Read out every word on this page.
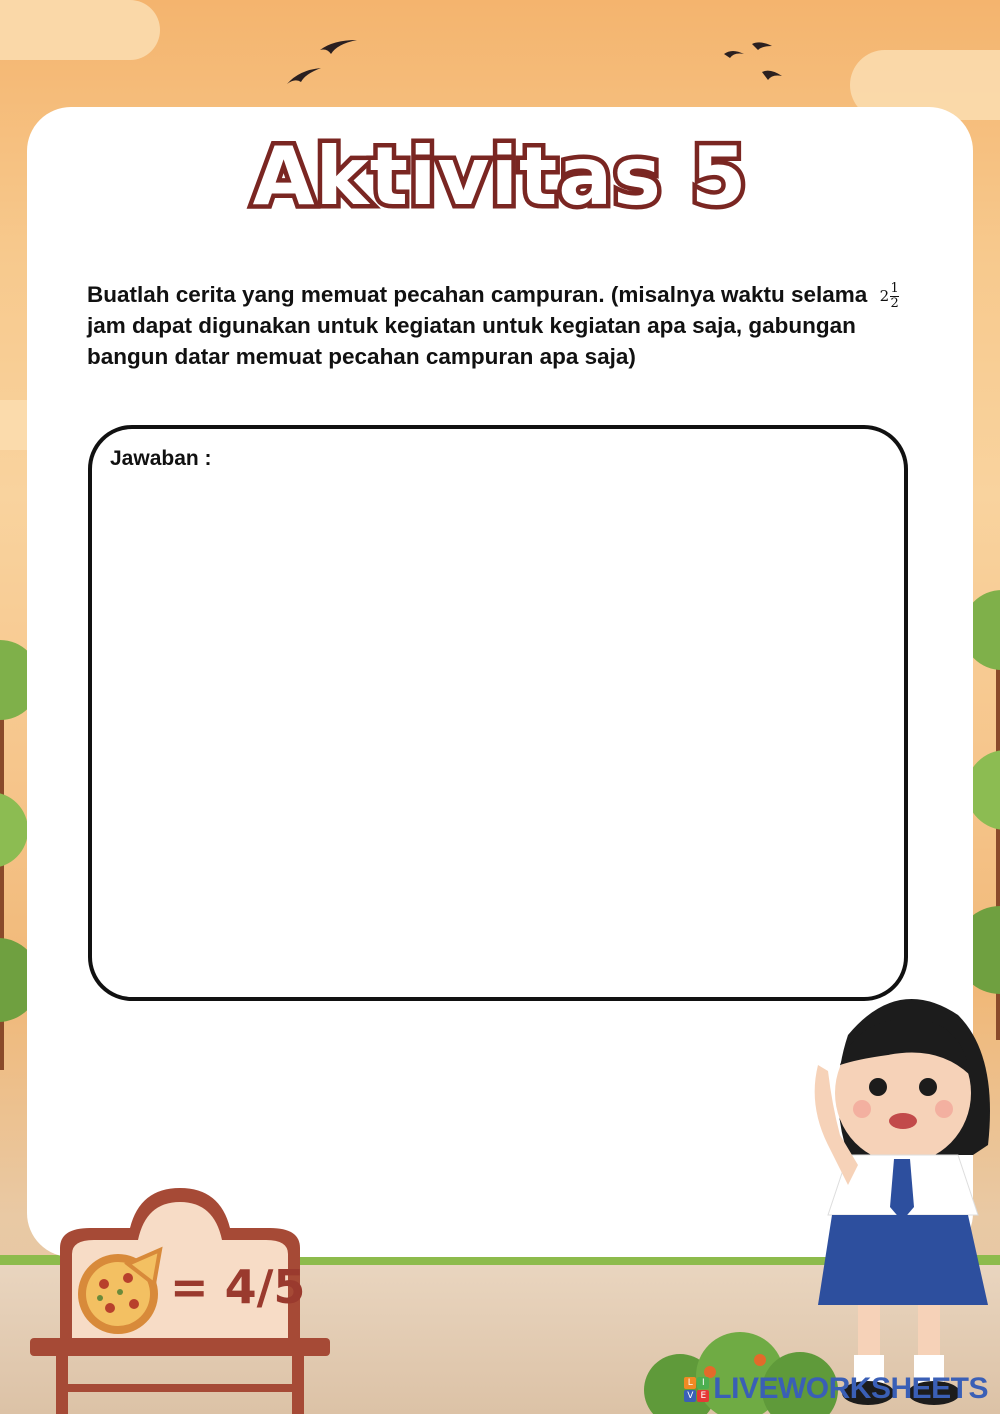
Aktivitas 5
Buatlah cerita yang memuat pecahan campuran. (misalnya waktu selama 2 1
2
jam dapat digunakan untuk kegiatan untuk kegiatan apa saja, gabungan bangun datar memuat pecahan campuran apa saja)
Jawaban :
= 4/5
L	I
V E LIVEWORKSHEETS
